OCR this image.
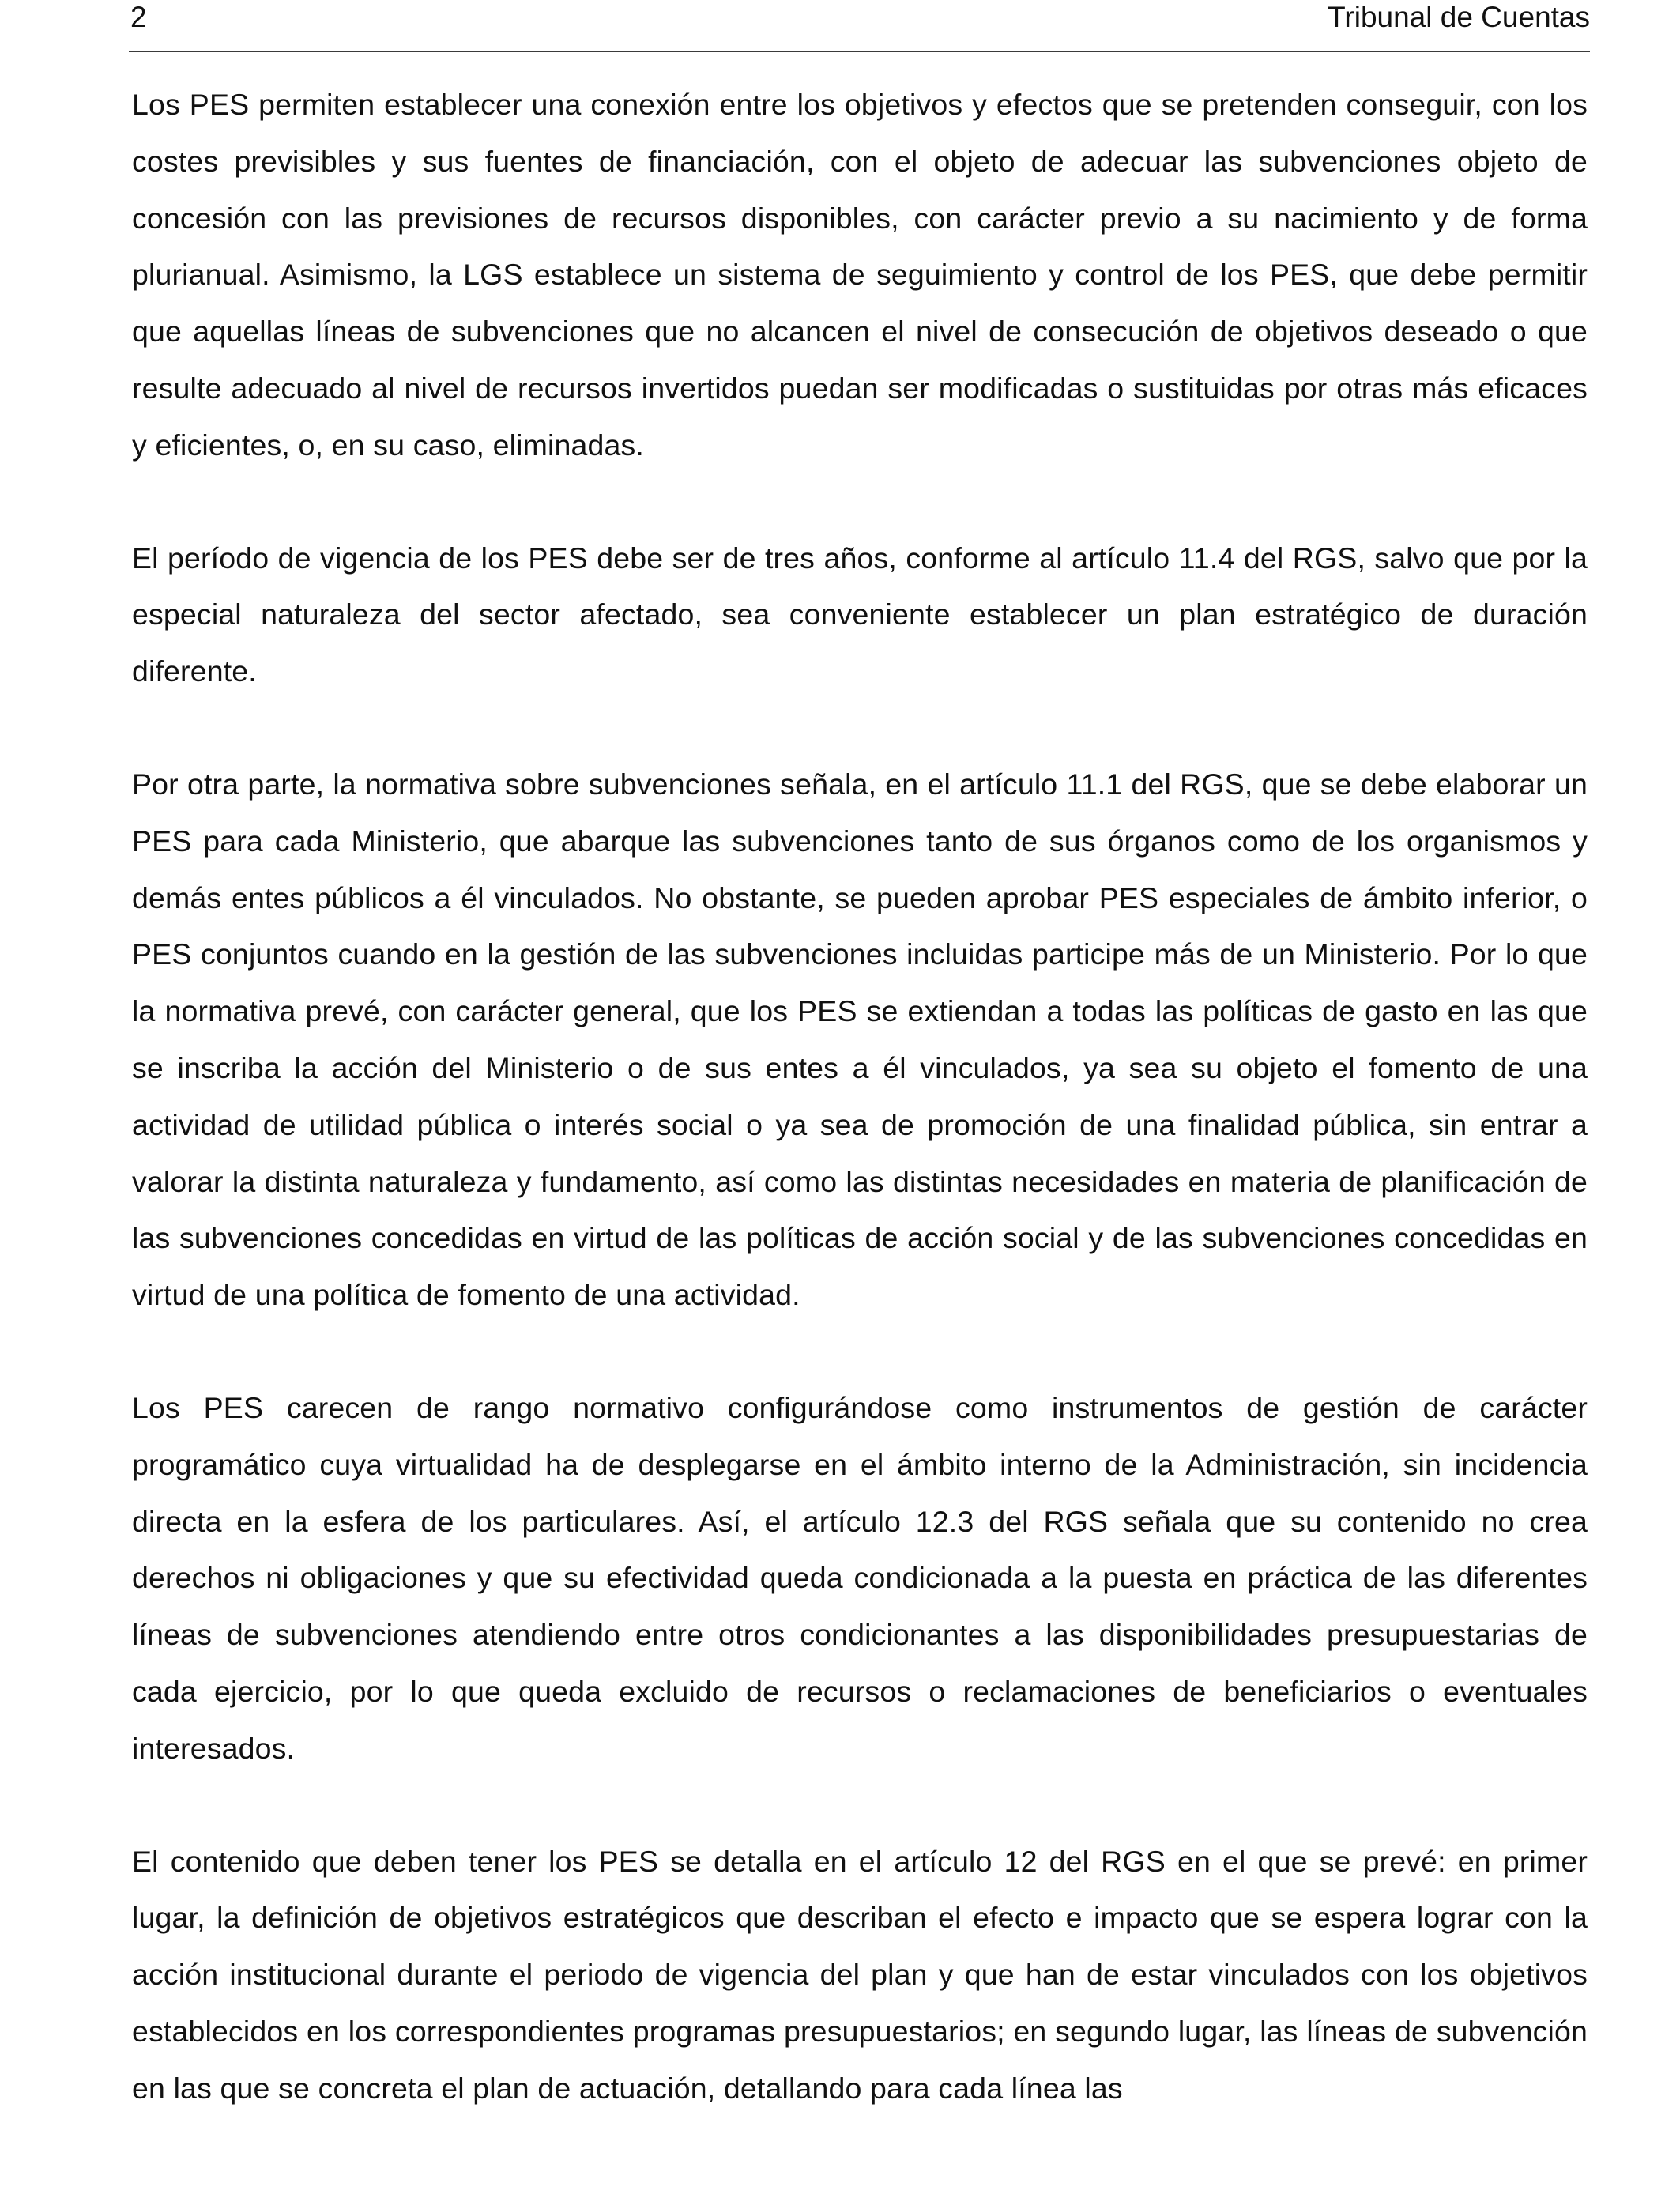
2	Tribunal de Cuentas

Los PES permiten establecer una conexión entre los objetivos y efectos que se pretenden conseguir, con los costes previsibles y sus fuentes de financiación, con el objeto de adecuar las subvenciones objeto de concesión con las previsiones de recursos disponibles, con carácter previo a su nacimiento y de forma plurianual. Asimismo, la LGS establece un sistema de seguimiento y control de los PES, que debe permitir que aquellas líneas de subvenciones que no alcancen el nivel de consecución de objetivos deseado o que resulte adecuado al nivel de recursos invertidos puedan ser modificadas o sustituidas por otras más eficaces y eficientes, o, en su caso, eliminadas.

El período de vigencia de los PES debe ser de tres años, conforme al artículo 11.4 del RGS, salvo que por la especial naturaleza del sector afectado, sea conveniente establecer un plan estratégico de duración diferente.

Por otra parte, la normativa sobre subvenciones señala, en el artículo 11.1 del RGS, que se debe elaborar un PES para cada Ministerio, que abarque las subvenciones tanto de sus órganos como de los organismos y demás entes públicos a él vinculados. No obstante, se pueden aprobar PES especiales de ámbito inferior, o PES conjuntos cuando en la gestión de las subvenciones incluidas participe más de un Ministerio. Por lo que la normativa prevé, con carácter general, que los PES se extiendan a todas las políticas de gasto en las que se inscriba la acción del Ministerio o de sus entes a él vinculados, ya sea su objeto el fomento de una actividad de utilidad pública o interés social o ya sea de promoción de una finalidad pública, sin entrar a valorar la distinta naturaleza y fundamento, así como las distintas necesidades en materia de planificación de las subvenciones concedidas en virtud de las políticas de acción social y de las subvenciones concedidas en virtud de una política de fomento de una actividad.

Los PES carecen de rango normativo configurándose como instrumentos de gestión de carácter programático cuya virtualidad ha de desplegarse en el ámbito interno de la Administración, sin incidencia directa en la esfera de los particulares. Así, el artículo 12.3 del RGS señala que su contenido no crea derechos ni obligaciones y que su efectividad queda condicionada a la puesta en práctica de las diferentes líneas de subvenciones atendiendo entre otros condicionantes a las disponibilidades presupuestarias de cada ejercicio, por lo que queda excluido de recursos o reclamaciones de beneficiarios o eventuales interesados.

El contenido que deben tener los PES se detalla en el artículo 12 del RGS en el que se prevé: en primer lugar, la definición de objetivos estratégicos que describan el efecto e impacto que se espera lograr con la acción institucional durante el periodo de vigencia del plan y que han de estar vinculados con los objetivos establecidos en los correspondientes programas presupuestarios; en segundo lugar, las líneas de subvención en las que se concreta el plan de actuación, detallando para cada línea las
